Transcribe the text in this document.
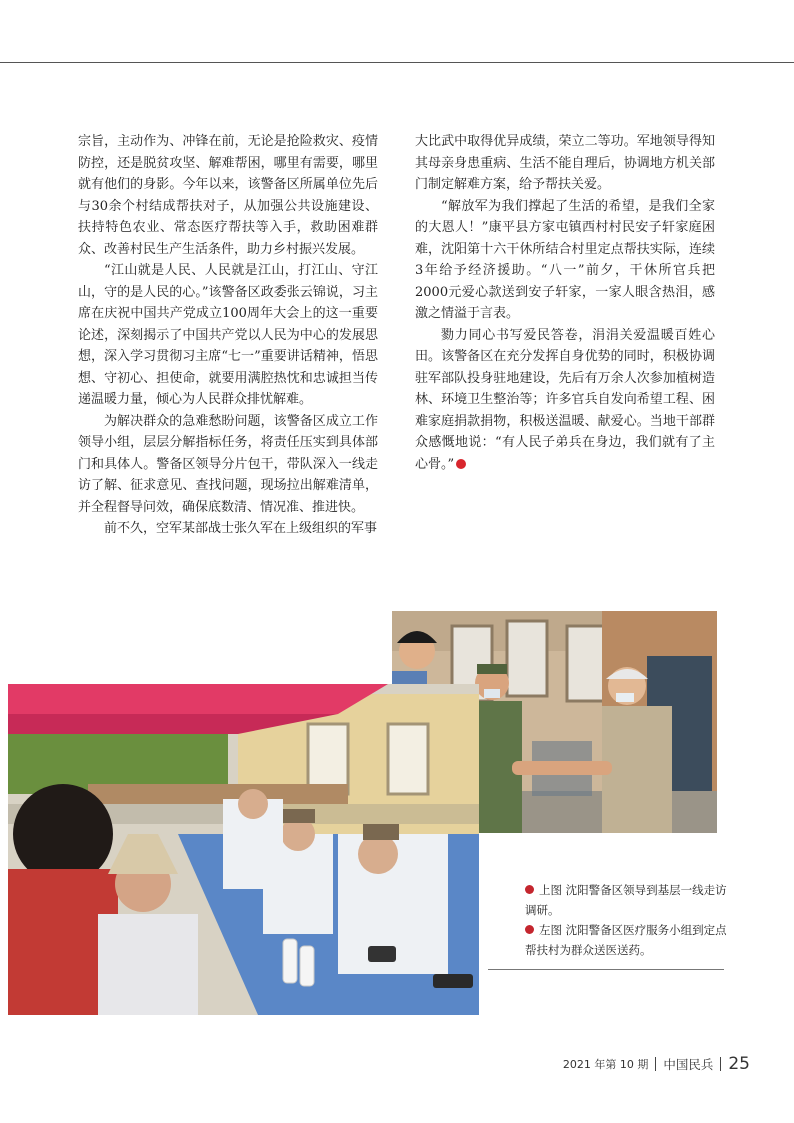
宗旨，主动作为、冲锋在前，无论是抢险救灾、疫情防控，还是脱贫攻坚、解难帮困，哪里有需要，哪里就有他们的身影。今年以来，该警备区所属单位先后与30余个村结成帮扶对子，从加强公共设施建设、扶持特色农业、常态医疗帮扶等入手，救助困难群众、改善村民生产生活条件，助力乡村振兴发展。

“江山就是人民、人民就是江山，打江山、守江山，守的是人民的心。”该警备区政委张云锦说，习主席在庆祝中国共产党成立100周年大会上的这一重要论述，深刻揭示了中国共产党以人民为中心的发展思想，深入学习贯彻习主席“七一”重要讲话精神，悟思想、守初心、担使命，就要用满腔热忱和忠诚担当传递温暖力量，倾心为人民群众排忧解难。

为解决群众的急难愁盼问题，该警备区成立工作领导小组，层层分解指标任务，将责任压实到具体部门和具体人。警备区领导分片包干，带队深入一线走访了解、征求意见、查找问题，现场拉出解难清单，并全程督导问效，确保底数清、情况准、推进快。

前不久，空军某部战士张久军在上级组织的军事

大比武中取得优异成绩，荣立二等功。军地领导得知其母亲身患重病、生活不能自理后，协调地方机关部门制定解难方案，给予帮扶关爱。

“解放军为我们撑起了生活的希望，是我们全家的大恩人！”康平县方家屯镇西村村民安子轩家庭困难，沈阳第十六干休所结合村里定点帮扶实际，连续3年给予经济援助。“八一”前夕，干休所官兵把2000元爱心款送到安子轩家，一家人眼含热泪，感激之情溢于言表。

勠力同心书写爱民答卷，涓涓关爱温暖百姓心田。该警备区在充分发挥自身优势的同时，积极协调驻军部队投身驻地建设，先后有万余人次参加植树造林、环境卫生整治等；许多官兵自发向希望工程、困难家庭捐款捐物，积极送温暖、献爱心。当地干部群众感慨地说：“有人民子弟兵在身边，我们就有了主心骨。”

上图 沈阳警备区领导到基层一线走访调研。

左图 沈阳警备区医疗服务小组到定点帮扶村为群众送医送药。

2021 年第 10 期 中国民兵 25
